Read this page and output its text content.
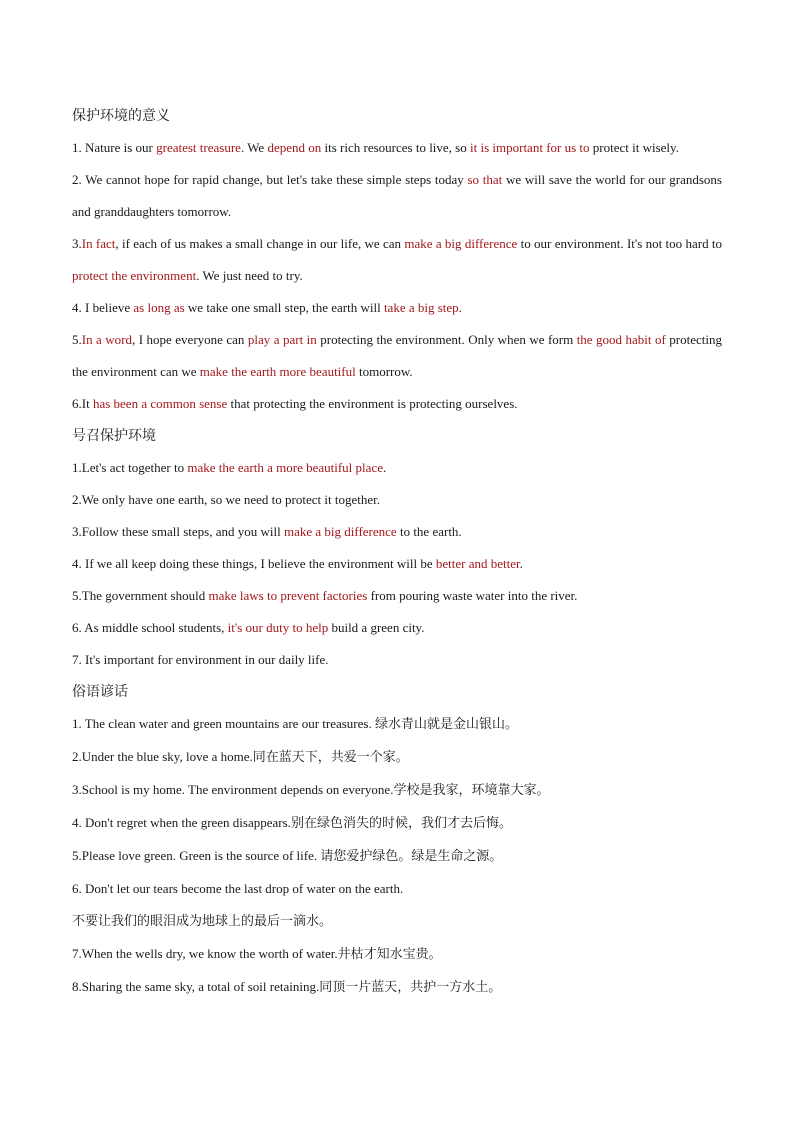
保护环境的意义
1. Nature is our greatest treasure. We depend on its rich resources to live, so it is important for us to protect it wisely.
2. We cannot hope for rapid change, but let's take these simple steps today so that we will save the world for our grandsons and granddaughters tomorrow.
3.In fact, if each of us makes a small change in our life, we can make a big difference to our environment. It's not too hard to protect the environment. We just need to try.
4. I believe as long as we take one small step, the earth will take a big step.
5.In a word, I hope everyone can play a part in protecting the environment. Only when we form the good habit of protecting the environment can we make the earth more beautiful tomorrow.
6.It has been a common sense that protecting the environment is protecting ourselves.
号召保护环境
1.Let's act together to make the earth a more beautiful place.
2.We only have one earth, so we need to protect it together.
3.Follow these small steps, and you will make a big difference to the earth.
4. If we all keep doing these things, I believe the environment will be better and better.
5.The government should make laws to prevent factories from pouring waste water into the river.
6. As middle school students, it's our duty to help build a green city.
7. It's important for environment in our daily life.
俗语谚话
1. The clean water and green mountains are our treasures. 绿水青山就是金山银山。
2.Under the blue sky, love a home.同在蓝天下，共爱一个家。
3.School is my home. The environment depends on everyone.学校是我家，环境靠大家。
4. Don't regret when the green disappears.别在绿色消失的时候，我们才去后悔。
5.Please love green. Green is the source of life. 请您爱护绿色。绿是生命之源。
6. Don't let our tears become the last drop of water on the earth.
不要让我们的眼泪成为地球上的最后一滴水。
7.When the wells dry, we know the worth of water.井枯才知水宝贵。
8.Sharing the same sky, a total of soil retaining.同顶一片蓝天，共护一方水土。
